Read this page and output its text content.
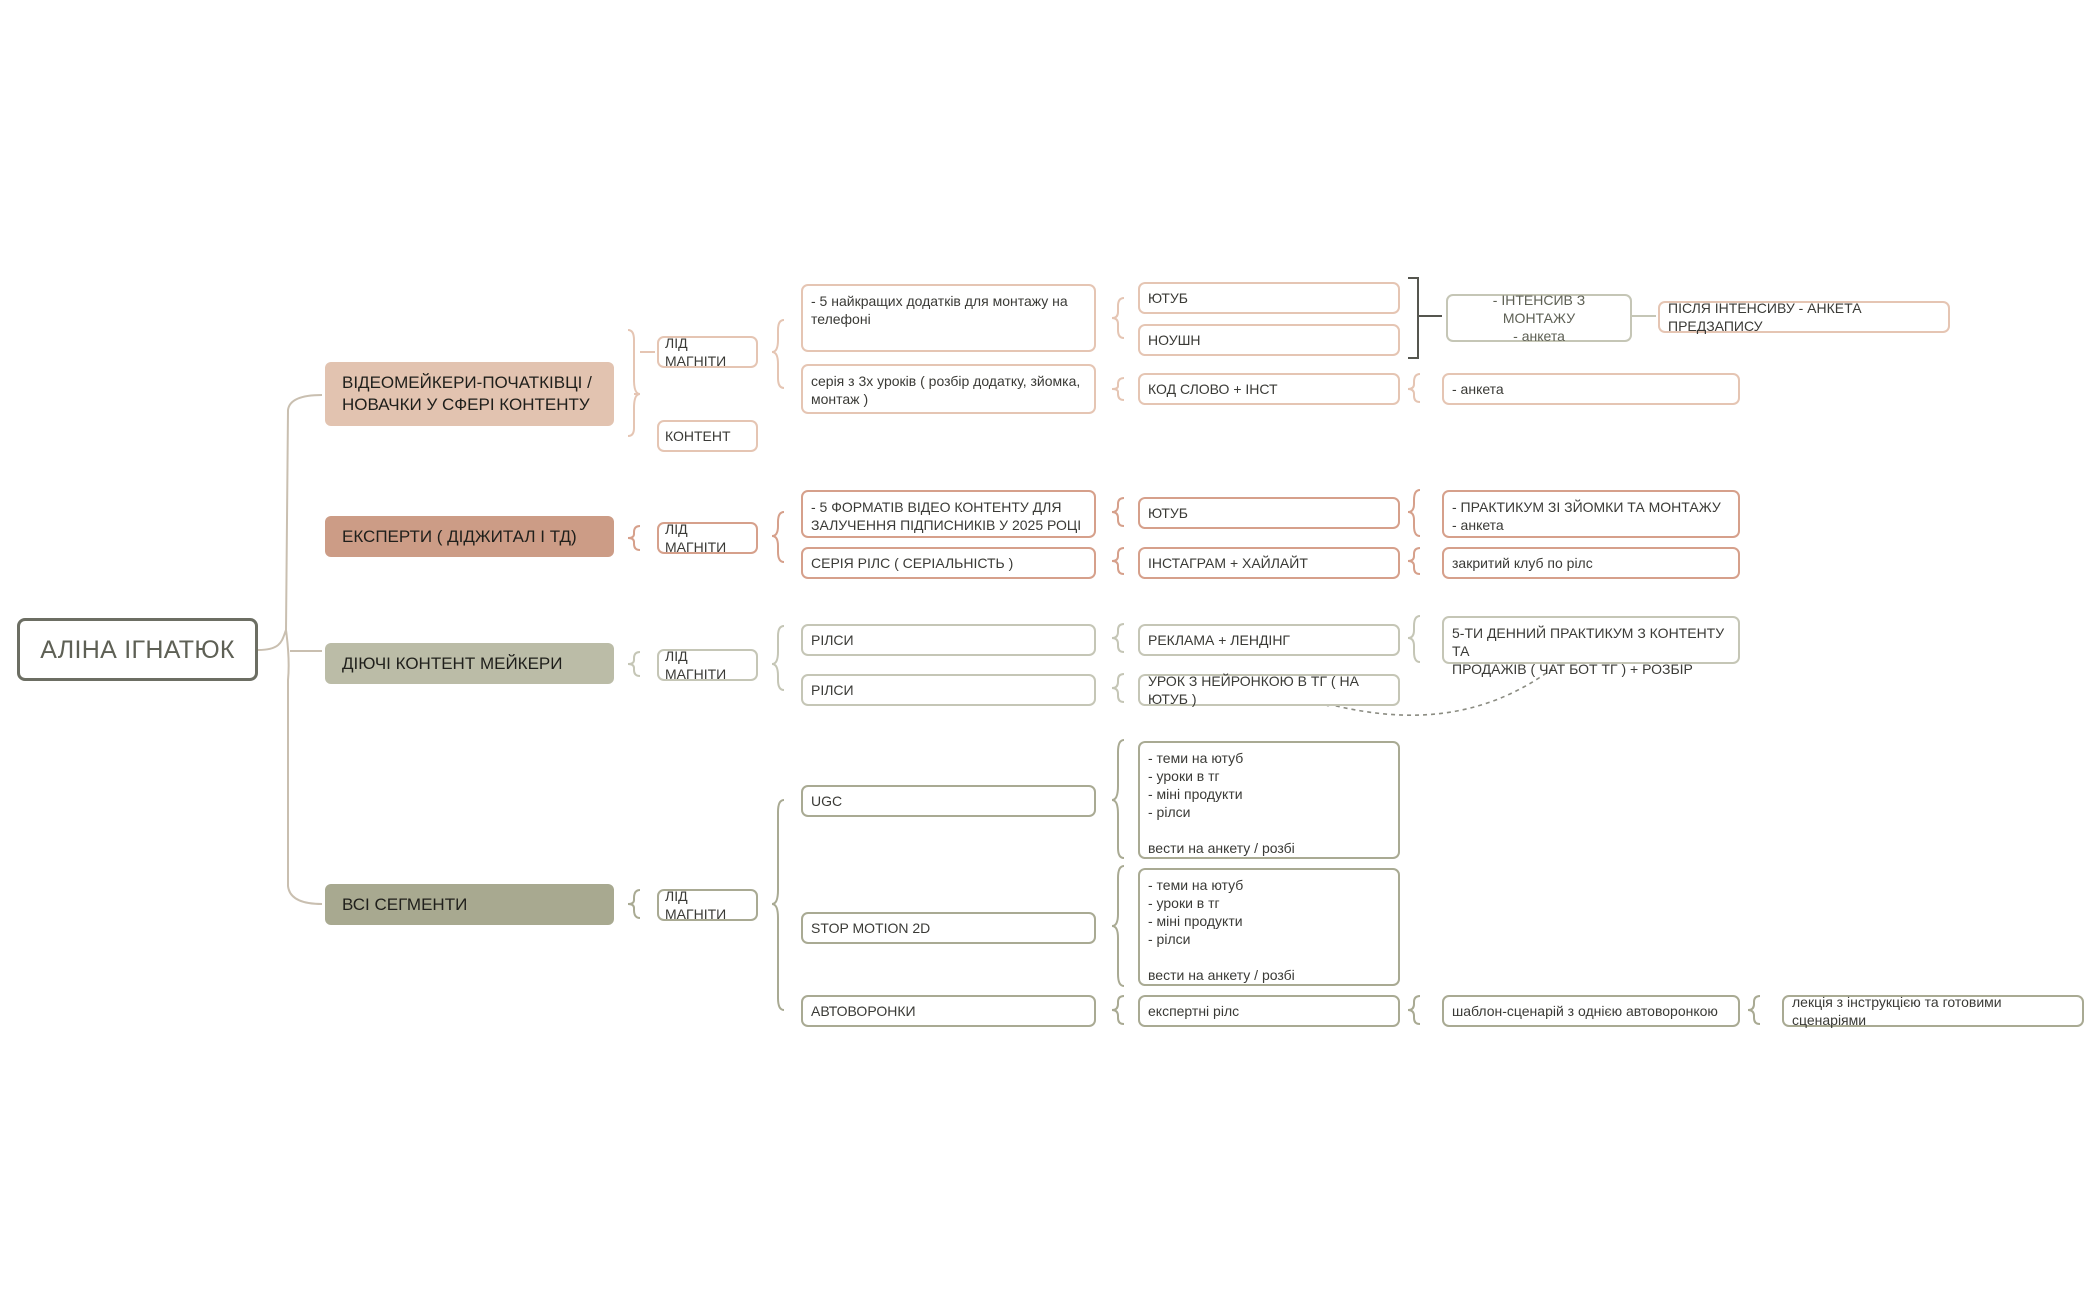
АЛІНА ІГНАТЮК
ВІДЕОМЕЙКЕРИ-ПОЧАТКІВЦІ /
НОВАЧКИ У СФЕРІ КОНТЕНТУ
ЕКСПЕРТИ ( ДІДЖИТАЛ І ТД)
ДІЮЧІ КОНТЕНТ МЕЙКЕРИ
ВСІ СЕГМЕНТИ
ЛІД МАГНІТИ
КОНТЕНТ
- 5 найкращих додатків для монтажу на
телефоні
серія з 3х уроків ( розбір додатку, зйомка,
монтаж )
ЮТУБ
НОУШН
КОД СЛОВО + ІНСТ
- ІНТЕНСИВ З МОНТАЖУ
- анкета
ПІСЛЯ ІНТЕНСИВУ - АНКЕТА ПРЕДЗАПИСУ
- анкета
ЛІД МАГНІТИ
- 5 ФОРМАТІВ ВІДЕО КОНТЕНТУ ДЛЯ
ЗАЛУЧЕННЯ ПІДПИСНИКІВ У 2025 РОЦІ
СЕРІЯ РІЛС ( СЕРІАЛЬНІСТЬ )
ЮТУБ
ІНСТАГРАМ + ХАЙЛАЙТ
- ПРАКТИКУМ ЗІ ЗЙОМКИ ТА МОНТАЖУ
- анкета
закритий клуб по рілс
ЛІД МАГНІТИ
РІЛСИ
РІЛСИ
РЕКЛАМА + ЛЕНДІНГ
УРОК З НЕЙРОНКОЮ В ТГ ( НА ЮТУБ )
5-ТИ ДЕННИЙ ПРАКТИКУМ З КОНТЕНТУ ТА
ПРОДАЖІВ ( ЧАТ БОТ ТГ ) + РОЗБІР
ЛІД МАГНІТИ
UGC
STOP MOTION 2D
АВТОВОРОНКИ
- теми на ютуб
- уроки в тг
- міні продукти
- рілси

вести на анкету / розбі
- теми на ютуб
- уроки в тг
- міні продукти
- рілси

вести на анкету / розбі
експертні рілс	шаблон-сценарій з однією автоворонкою
лекція з інструкцією та готовими сценаріями
